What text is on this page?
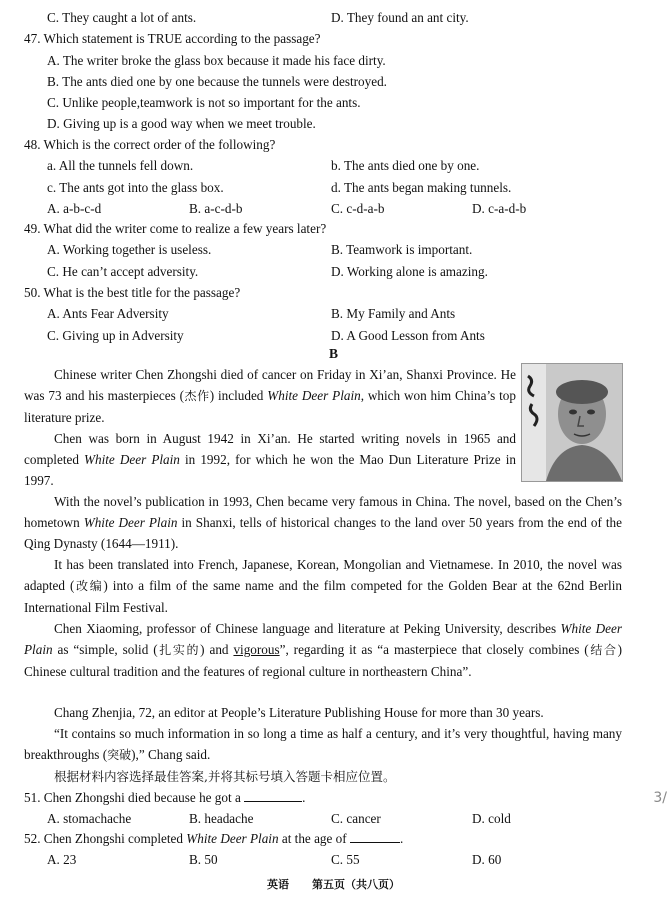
C. They caught a lot of ants.	D. They found an ant city.
47. Which statement is TRUE according to the passage?
A. The writer broke the glass box because it made his face dirty.
B. The ants died one by one because the tunnels were destroyed.
C. Unlike people,teamwork is not so important for the ants.
D. Giving up is a good way when we meet trouble.
48. Which is the correct order of the following?
a. All the tunnels fell down.	b. The ants died one by one.
c. The ants got into the glass box.	d. The ants began making tunnels.
A. a-b-c-d	B. a-c-d-b	C. c-d-a-b	D. c-a-d-b
49. What did the writer come to realize a few years later?
A. Working together is useless.	B. Teamwork is important.
C. He can’t accept adversity.	D. Working alone is amazing.
50. What is the best title for the passage?
A. Ants Fear Adversity	B. My Family and Ants
C. Giving up in Adversity	D. A Good Lesson from Ants
B
Chinese writer Chen Zhongshi died of cancer on Friday in Xi’an, Shanxi Province. He was 73 and his masterpieces (杰作) included White Deer Plain, which won him China’s top literature prize.
Chen was born in August 1942 in Xi’an. He started writing novels in 1965 and completed White Deer Plain in 1992, for which he won the Mao Dun Literature Prize in 1997.
With the novel’s publication in 1993, Chen became very famous in China. The novel, based on the Chen’s hometown White Deer Plain in Shanxi, tells of historical changes to the land over 50 years from the end of the Qing Dynasty (1644—1911).
It has been translated into French, Japanese, Korean, Mongolian and Vietnamese. In 2010, the novel was adapted (改编) into a film of the same name and the film competed for the Golden Bear at the 62nd Berlin International Film Festival.
Chen Xiaoming, professor of Chinese language and literature at Peking University, describes White Deer Plain as “simple, solid (扎实的) and vigorous”, regarding it as “a masterpiece that closely combines (结合) Chinese cultural tradition and the features of regional culture in northeastern China”.
Chang Zhenjia, 72, an editor at People’s Literature Publishing House for more than 30 years.
“It contains so much information in so long a time as half a century, and it’s very thoughtful, having many breakthroughs (突破),” Chang said.
根据材料内容选择最佳答案,并将其标号填入答题卡相应位置。
51. Chen Zhongshi died because he got a	.
A. stomachache	B. headache	C. cancer	D. cold
52. Chen Zhongshi completed White Deer Plain at the age of	.
A. 23	B. 50	C. 55	D. 60
英语 第五页（共八页）
3/
